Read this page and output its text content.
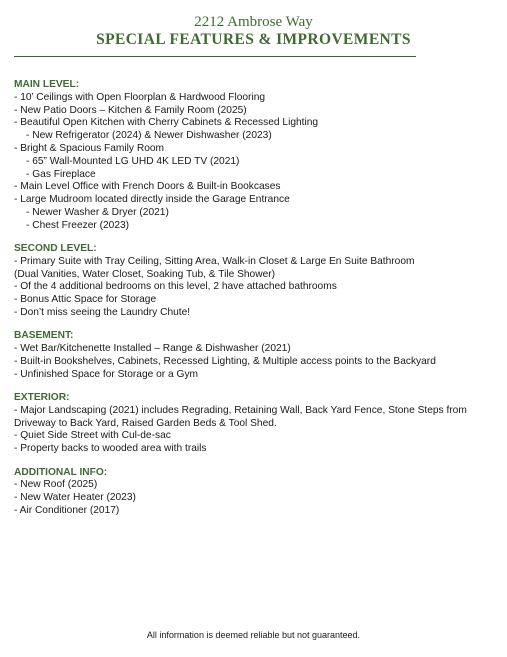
2212 Ambrose Way
SPECIAL FEATURES & IMPROVEMENTS
MAIN LEVEL:
- 10’ Ceilings with Open Floorplan & Hardwood Flooring
- New Patio Doors – Kitchen & Family Room (2025)
- Beautiful Open Kitchen with Cherry Cabinets & Recessed Lighting
- New Refrigerator (2024) & Newer Dishwasher (2023)
- Bright & Spacious Family Room
- 65” Wall-Mounted LG UHD 4K LED TV (2021)
- Gas Fireplace
- Main Level Office with French Doors & Built-in Bookcases
- Large Mudroom located directly inside the Garage Entrance
- Newer Washer & Dryer (2021)
- Chest Freezer (2023)
SECOND LEVEL:
- Primary Suite with Tray Ceiling, Sitting Area, Walk-in Closet & Large En Suite Bathroom
(Dual Vanities, Water Closet, Soaking Tub, & Tile Shower)
- Of the 4 additional bedrooms on this level, 2 have attached bathrooms
- Bonus Attic Space for Storage
- Don’t miss seeing the Laundry Chute!
BASEMENT:
- Wet Bar/Kitchenette Installed – Range & Dishwasher (2021)
- Built-in Bookshelves, Cabinets, Recessed Lighting, & Multiple access points to the Backyard
- Unfinished Space for Storage or a Gym
EXTERIOR:
- Major Landscaping (2021) includes Regrading, Retaining Wall, Back Yard Fence, Stone Steps from
Driveway to Back Yard, Raised Garden Beds & Tool Shed.
- Quiet Side Street with Cul-de-sac
- Property backs to wooded area with trails
ADDITIONAL INFO:
- New Roof (2025)
- New Water Heater (2023)
- Air Conditioner (2017)
All information is deemed reliable but not guaranteed.
